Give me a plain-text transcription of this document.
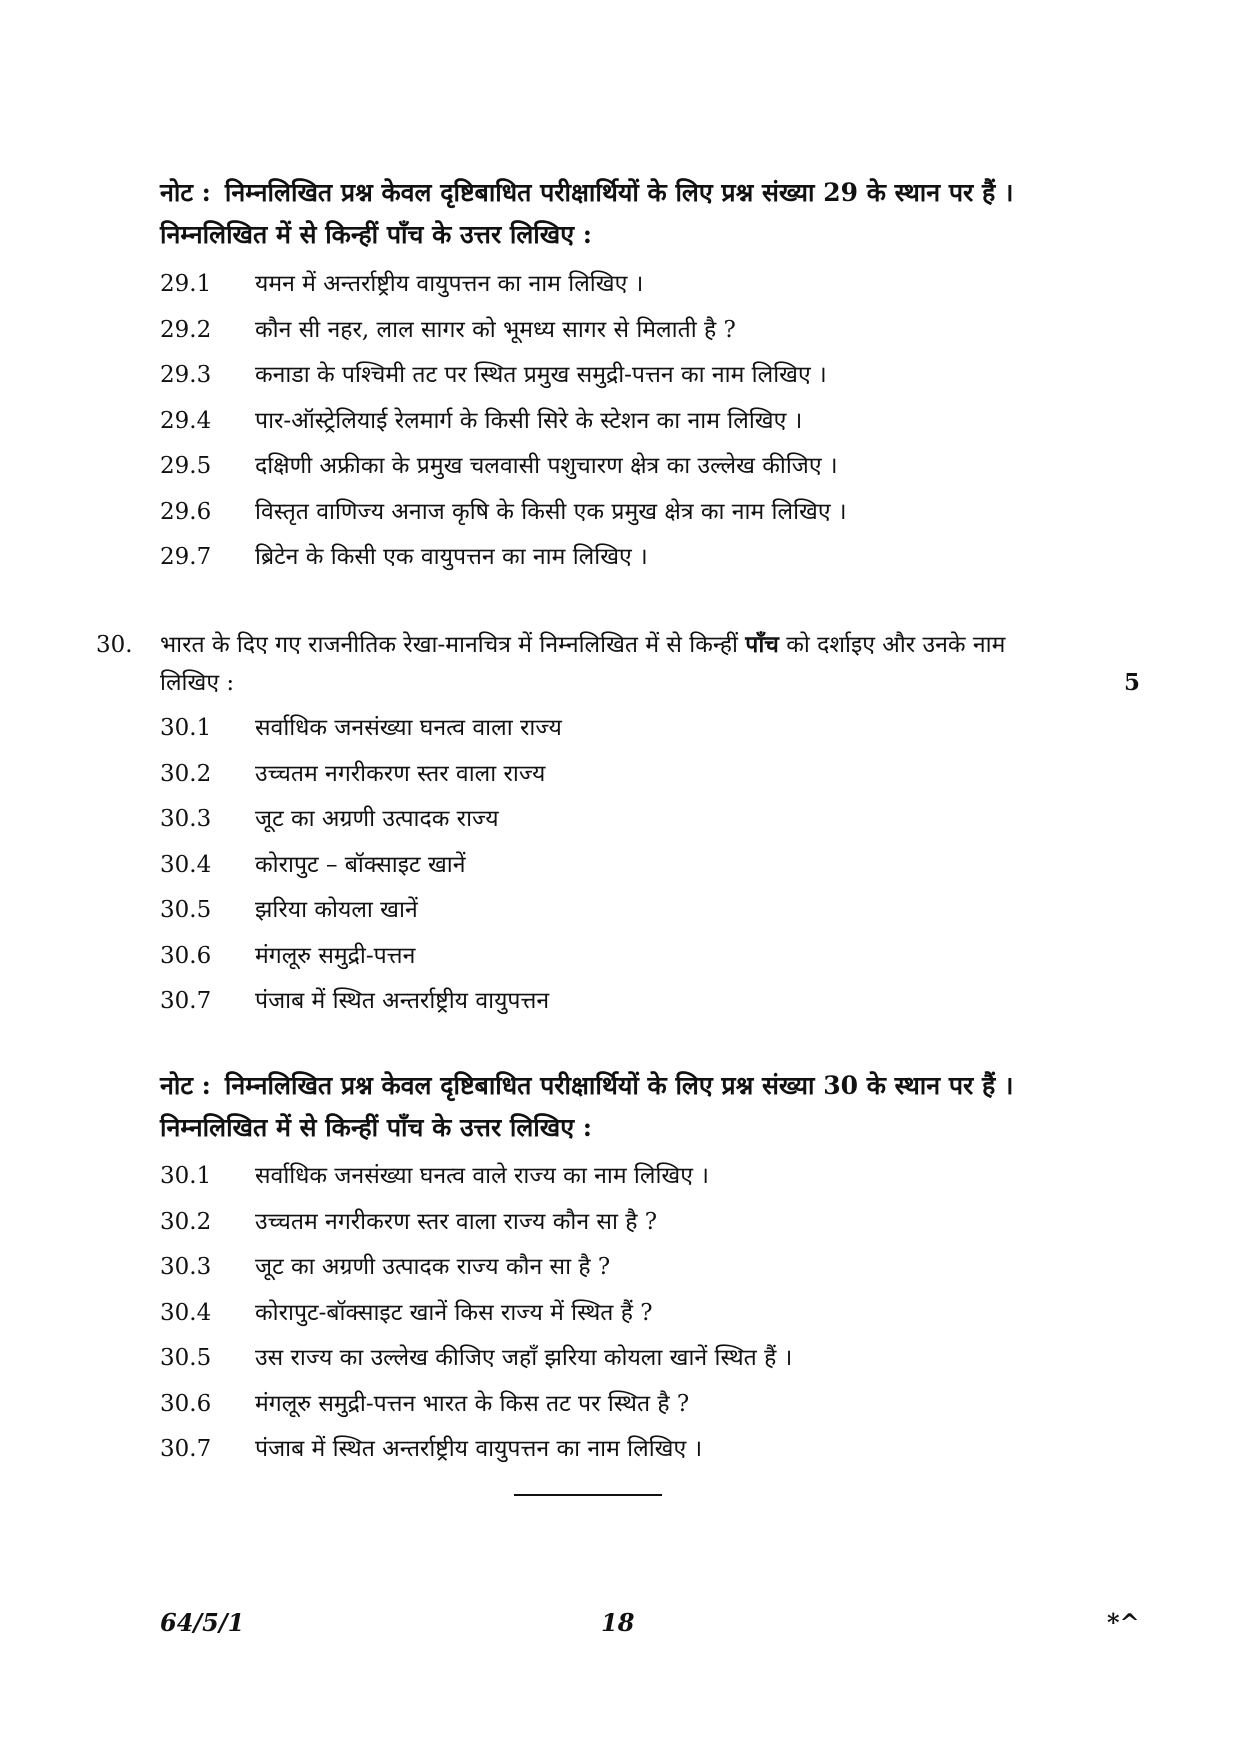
नोट : निम्नलिखित प्रश्न केवल दृष्टिबाधित परीक्षार्थियों के लिए प्रश्न संख्या 29 के स्थान पर हैं ।
निम्नलिखित में से किन्हीं पाँच के उत्तर लिखिए :
29.1	यमन में अन्तर्राष्ट्रीय वायुपत्तन का नाम लिखिए ।
29.2	कौन सी नहर, लाल सागर को भूमध्य सागर से मिलाती है ?
29.3	कनाडा के पश्चिमी तट पर स्थित प्रमुख समुद्री-पत्तन का नाम लिखिए ।
29.4	पार-ऑस्ट्रेलियाई रेलमार्ग के किसी सिरे के स्टेशन का नाम लिखिए ।
29.5	दक्षिणी अफ्रीका के प्रमुख चलवासी पशुचारण क्षेत्र का उल्लेख कीजिए ।
29.6	विस्तृत वाणिज्य अनाज कृषि के किसी एक प्रमुख क्षेत्र का नाम लिखिए ।
29.7	ब्रिटेन के किसी एक वायुपत्तन का नाम लिखिए ।
30. भारत के दिए गए राजनीतिक रेखा-मानचित्र में निम्नलिखित में से किन्हीं पाँच को दर्शाइए और उनके नाम
लिखिए :	5
30.1	सर्वाधिक जनसंख्या घनत्व वाला राज्य
30.2	उच्चतम नगरीकरण स्तर वाला राज्य
30.3	जूट का अग्रणी उत्पादक राज्य
30.4	कोरापुट – बॉक्साइट खानें
30.5	झरिया कोयला खानें
30.6	मंगलूरु समुद्री-पत्तन
30.7	पंजाब में स्थित अन्तर्राष्ट्रीय वायुपत्तन
नोट : निम्नलिखित प्रश्न केवल दृष्टिबाधित परीक्षार्थियों के लिए प्रश्न संख्या 30 के स्थान पर हैं ।
निम्नलिखित में से किन्हीं पाँच के उत्तर लिखिए :
30.1	सर्वाधिक जनसंख्या घनत्व वाले राज्य का नाम लिखिए ।
30.2	उच्चतम नगरीकरण स्तर वाला राज्य कौन सा है ?
30.3	जूट का अग्रणी उत्पादक राज्य कौन सा है ?
30.4	कोरापुट-बॉक्साइट खानें किस राज्य में स्थित हैं ?
30.5	उस राज्य का उल्लेख कीजिए जहाँ झरिया कोयला खानें स्थित हैं ।
30.6	मंगलूरु समुद्री-पत्तन भारत के किस तट पर स्थित है ?
30.7	पंजाब में स्थित अन्तर्राष्ट्रीय वायुपत्तन का नाम लिखिए ।
64/5/1	18	*^
